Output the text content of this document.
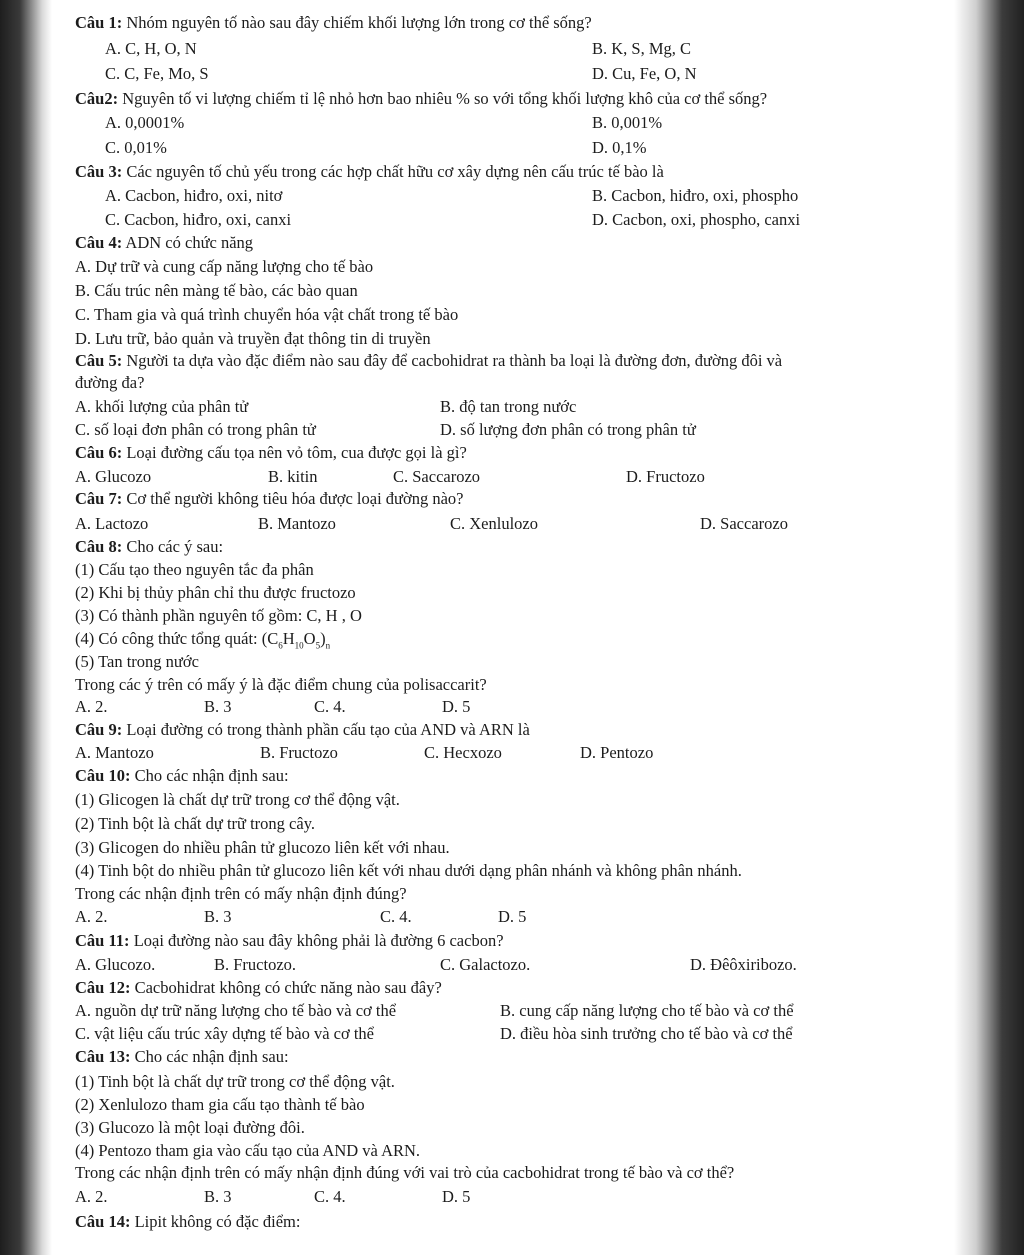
Câu 1: Nhóm nguyên tố nào sau đây chiếm khối lượng lớn trong cơ thể sống?
A. C, H, O, N	B. K, S, Mg, C
C. C, Fe, Mo, S	D. Cu, Fe, O, N
Câu2: Nguyên tố vi lượng chiếm tỉ lệ nhỏ hơn bao nhiêu % so với tổng khối lượng khô của cơ thể sống?
A. 0,0001%	B. 0,001%
C. 0,01%	D. 0,1%
Câu 3: Các nguyên tố chủ yếu trong các hợp chất hữu cơ xây dựng nên cấu trúc tế bào là
A. Cacbon, hiđro, oxi, nitơ	B. Cacbon, hiđro, oxi, phospho
C. Cacbon, hiđro, oxi, canxi	D. Cacbon, oxi, phospho, canxi
Câu 4: ADN có chức năng
A. Dự trữ và cung cấp năng lượng cho tế bào
B. Cấu trúc nên màng tế bào, các bào quan
C. Tham gia và quá trình chuyển hóa vật chất trong tế bào
D. Lưu trữ, bảo quản và truyền đạt thông tin di truyền
Câu 5: Người ta dựa vào đặc điểm nào sau đây để cacbohidrat ra thành ba loại là đường đơn, đường đôi và
đường đa?
A. khối lượng của phân tử	B. độ tan trong nước
C. số loại đơn phân có trong phân tử	D. số lượng đơn phân có trong phân tử
Câu 6: Loại đường cấu tọa nên vỏ tôm, cua được gọi là gì?
A. Glucozo	B. kitin	C. Saccarozo	D. Fructozo
Câu 7: Cơ thể người không tiêu hóa được loại đường nào?
A. Lactozo	B. Mantozo	C. Xenlulozo	D. Saccarozo
Câu 8: Cho các ý sau:
(1) Cấu tạo theo nguyên tắc đa phân
(2) Khi bị thủy phân chỉ thu được fructozo
(3) Có thành phần nguyên tố gồm: C, H , O
(4) Có công thức tổng quát: $(C_6H_{10}O_5)_n$
(5) Tan trong nước
Trong các ý trên có mấy ý là đặc điểm chung của polisaccarit?
A. 2.	B. 3	C. 4.	D. 5
Câu 9: Loại đường có trong thành phần cấu tạo của AND và ARN là
A. Mantozo	B. Fructozo	C. Hecxozo	D. Pentozo
Câu 10: Cho các nhận định sau:
(1) Glicogen là chất dự trữ trong cơ thể động vật.
(2) Tinh bột là chất dự trữ trong cây.
(3) Glicogen do nhiều phân tử glucozo liên kết với nhau.
(4) Tinh bột do nhiều phân tử glucozo liên kết với nhau dưới dạng phân nhánh và không phân nhánh.
Trong các nhận định trên có mấy nhận định đúng?
A. 2.	B. 3	C. 4.	D. 5
Câu 11: Loại đường nào sau đây không phải là đường 6 cacbon?
A. Glucozo.	B. Fructozo.	C. Galactozo.	D. Đêôxiribozo.
Câu 12: Cacbohidrat không có chức năng nào sau đây?
A. nguồn dự trữ năng lượng cho tế bào và cơ thể	B. cung cấp năng lượng cho tế bào và cơ thể
C. vật liệu cấu trúc xây dựng tế bào và cơ thể	D. điều hòa sinh trưởng cho tế bào và cơ thể
Câu 13: Cho các nhận định sau:
(1) Tinh bột là chất dự trữ trong cơ thể động vật.
(2) Xenlulozo tham gia cấu tạo thành tế bào
(3) Glucozo là một loại đường đôi.
(4) Pentozo tham gia vào cấu tạo của AND và ARN.
Trong các nhận định trên có mấy nhận định đúng với vai trò của cacbohidrat trong tế bào và cơ thể?
A. 2.	B. 3	C. 4.	D. 5
Câu 14: Lipit không có đặc điểm:
